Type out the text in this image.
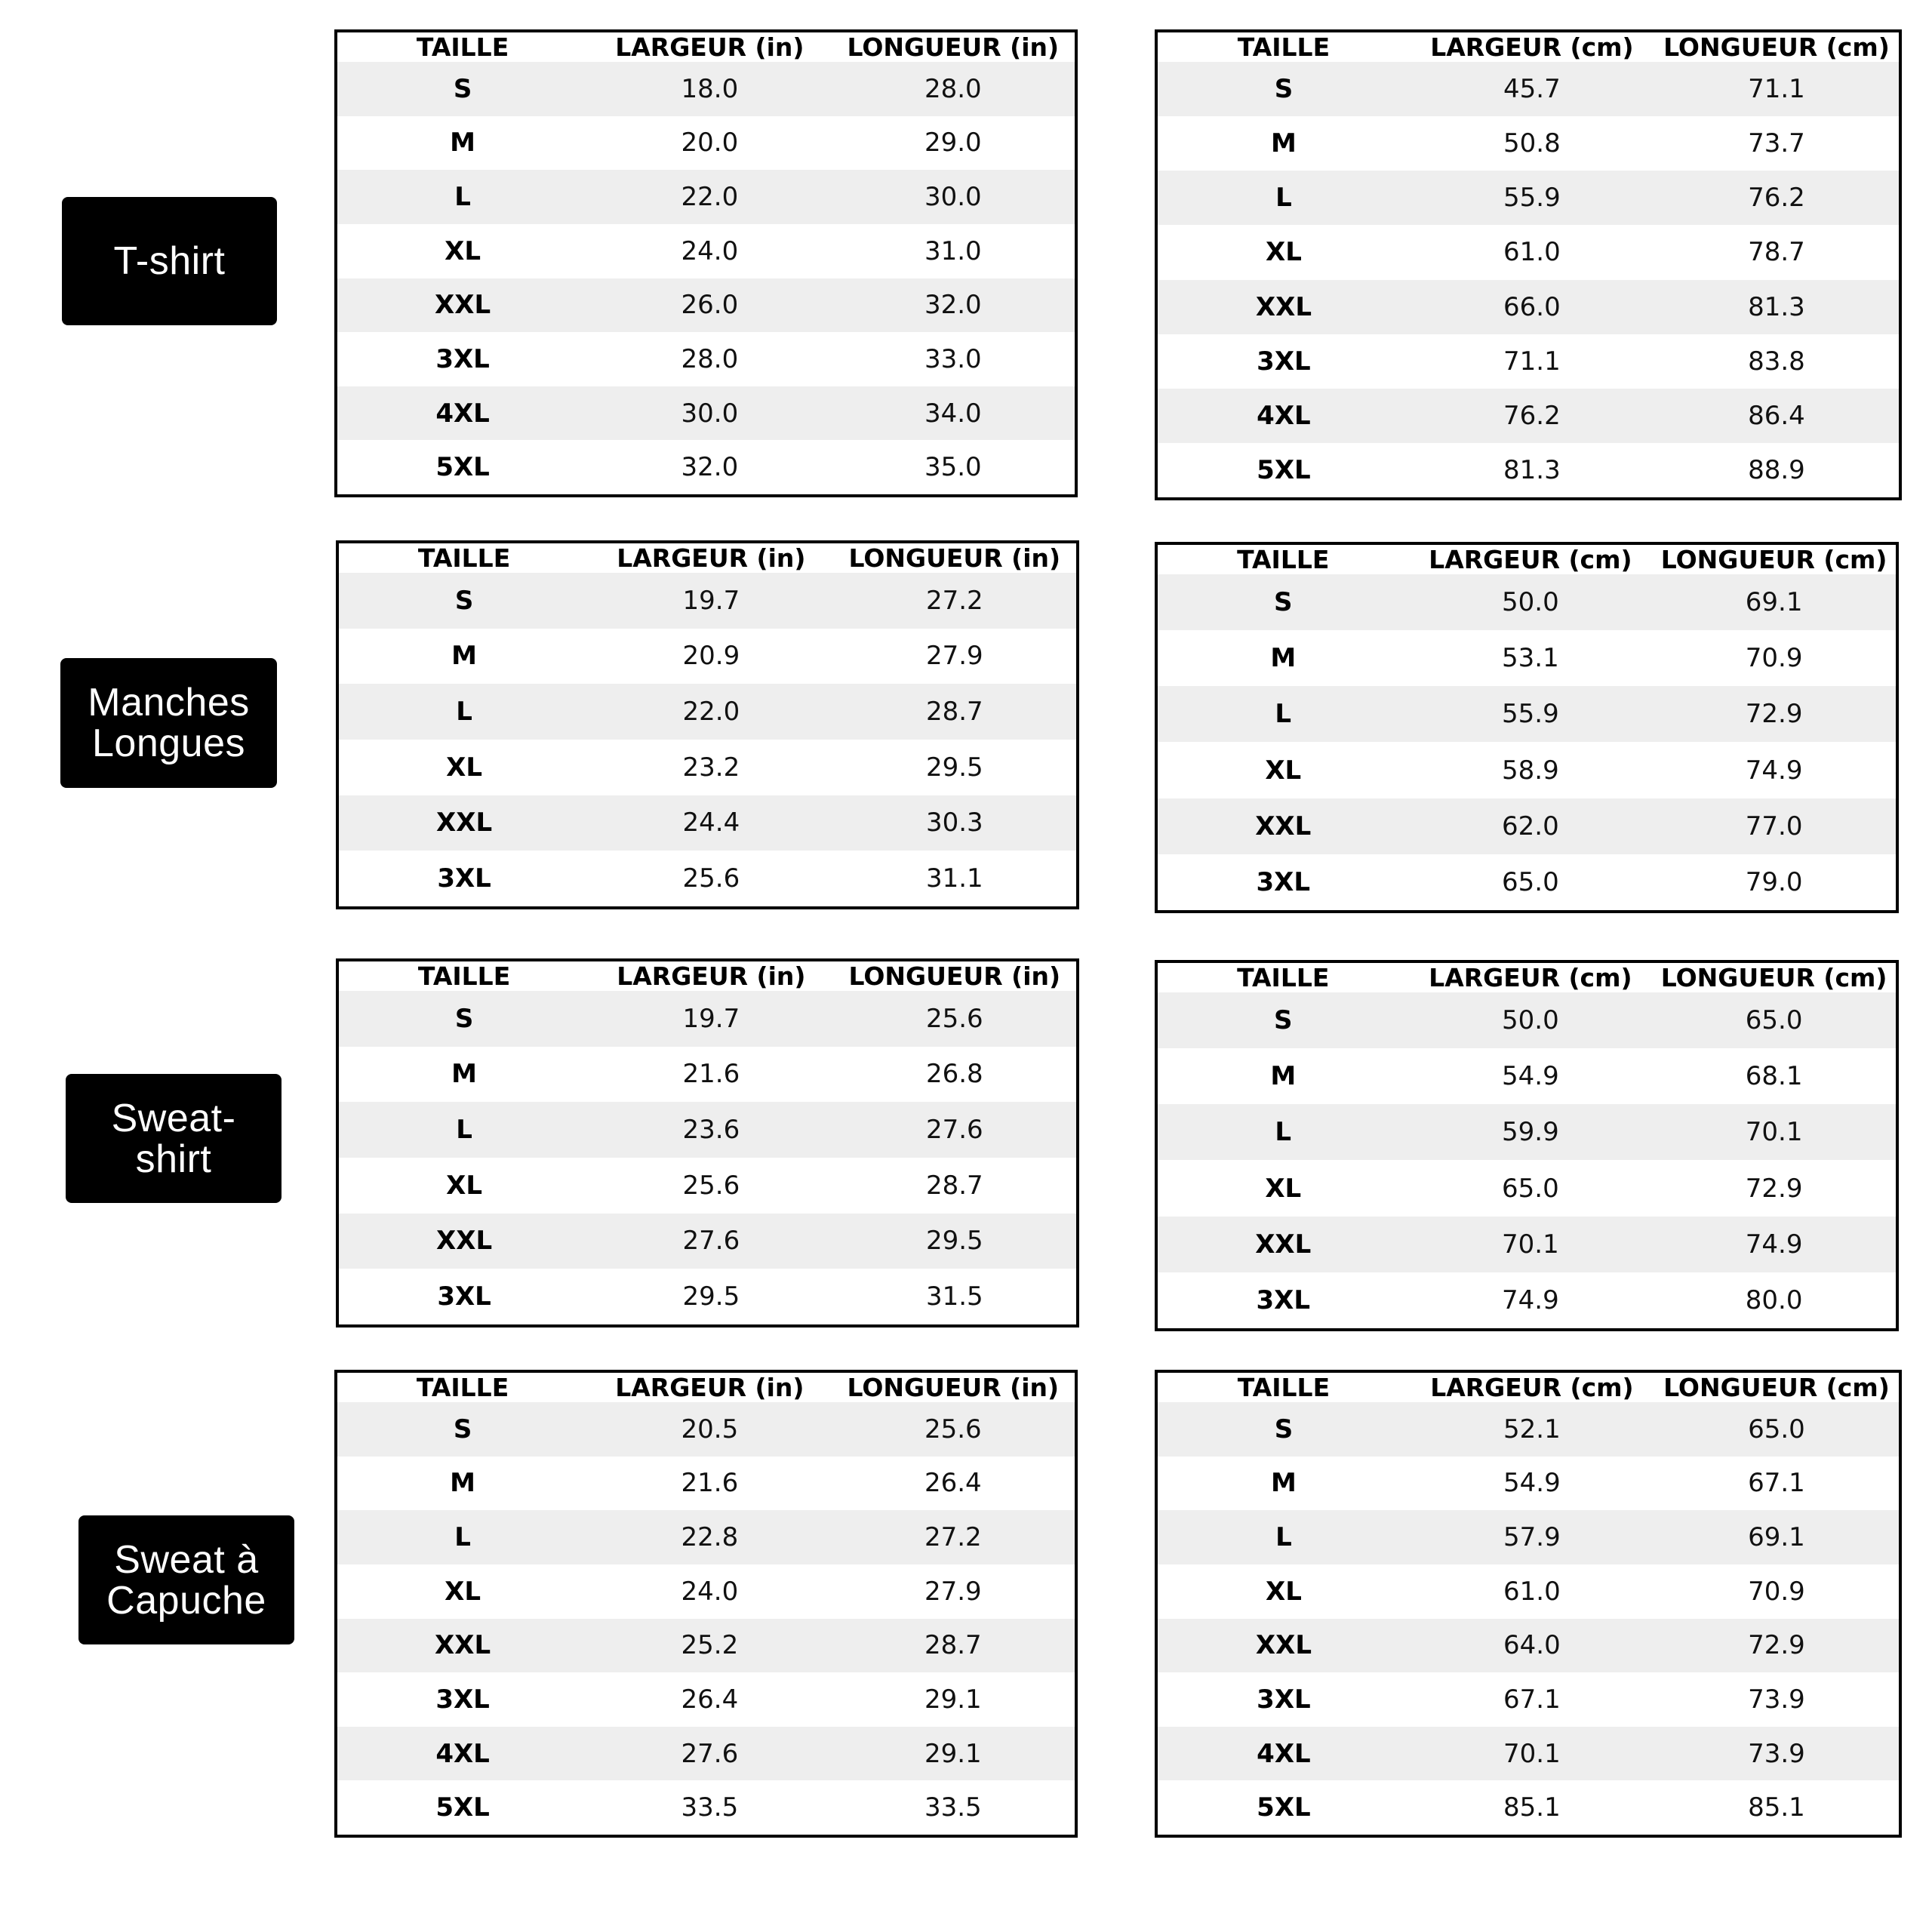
T-shirt
TAILLE	LARGEUR (in)	LONGUEUR (in)
S	18.0	28.0
M	20.0	29.0
L	22.0	30.0
XL	24.0	31.0
XXL	26.0	32.0
3XL	28.0	33.0
4XL	30.0	34.0
5XL	32.0	35.0
TAILLE	LARGEUR (cm)	LONGUEUR (cm)
S	45.7	71.1
M	50.8	73.7
L	55.9	76.2
XL	61.0	78.7
XXL	66.0	81.3
3XL	71.1	83.8
4XL	76.2	86.4
5XL	81.3	88.9
Manches
Longues
TAILLE	LARGEUR (in)	LONGUEUR (in)
S	19.7	27.2
M	20.9	27.9
L	22.0	28.7
XL	23.2	29.5
XXL	24.4	30.3
3XL	25.6	31.1
TAILLE	LARGEUR (cm)	LONGUEUR (cm)
S	50.0	69.1
M	53.1	70.9
L	55.9	72.9
XL	58.9	74.9
XXL	62.0	77.0
3XL	65.0	79.0
Sweat-
shirt
TAILLE	LARGEUR (in)	LONGUEUR (in)
S	19.7	25.6
M	21.6	26.8
L	23.6	27.6
XL	25.6	28.7
XXL	27.6	29.5
3XL	29.5	31.5
TAILLE	LARGEUR (cm)	LONGUEUR (cm)
S	50.0	65.0
M	54.9	68.1
L	59.9	70.1
XL	65.0	72.9
XXL	70.1	74.9
3XL	74.9	80.0
Sweat à
Capuche
TAILLE	LARGEUR (in)	LONGUEUR (in)
S	20.5	25.6
M	21.6	26.4
L	22.8	27.2
XL	24.0	27.9
XXL	25.2	28.7
3XL	26.4	29.1
4XL	27.6	29.1
5XL	33.5	33.5
TAILLE	LARGEUR (cm)	LONGUEUR (cm)
S	52.1	65.0
M	54.9	67.1
L	57.9	69.1
XL	61.0	70.9
XXL	64.0	72.9
3XL	67.1	73.9
4XL	70.1	73.9
5XL	85.1	85.1
